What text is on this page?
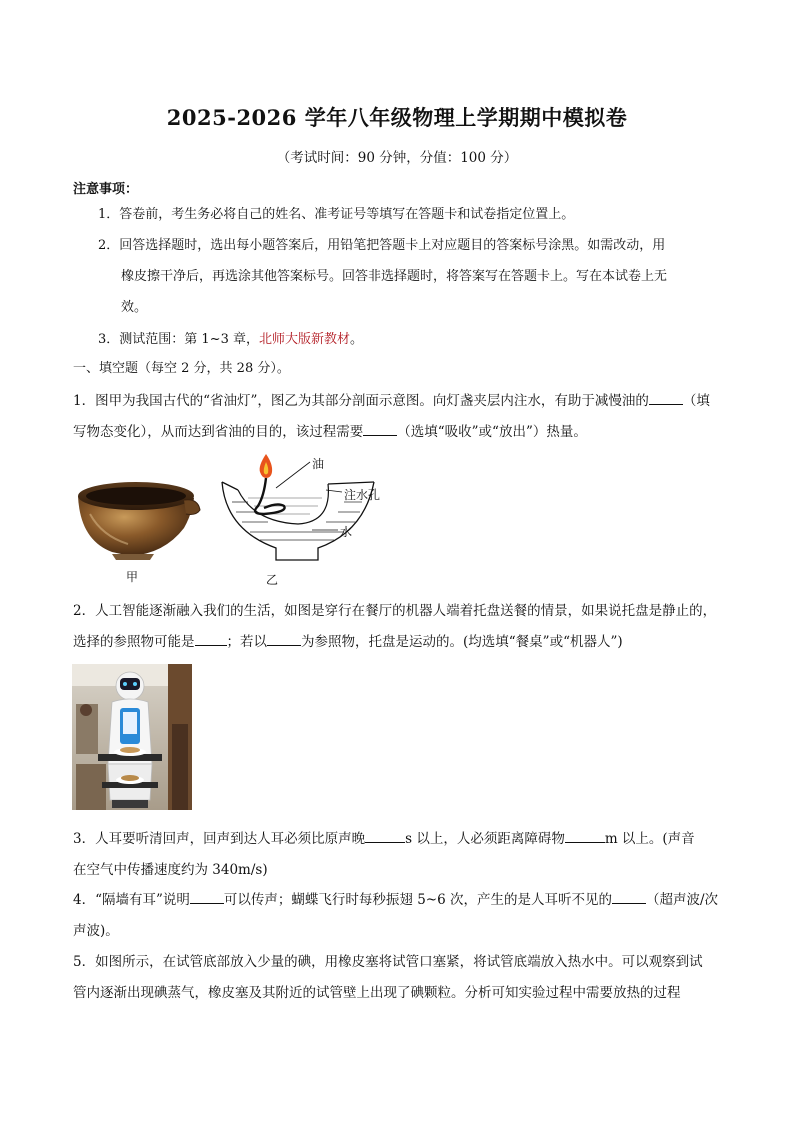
2025-2026 学年八年级物理上学期期中模拟卷
（考试时间：90 分钟，分值：100 分）
注意事项：
1．答卷前，考生务必将自己的姓名、准考证号等填写在答题卡和试卷指定位置上。
2．回答选择题时，选出每小题答案后，用铅笔把答题卡上对应题目的答案标号涂黑。如需改动，用
橡皮擦干净后，再选涂其他答案标号。回答非选择题时，将答案写在答题卡上。写在本试卷上无
效。
3．测试范围：第 1~3 章，北师大版新教材。
一、填空题（每空 2 分，共 28 分）。
1．图甲为我国古代的“省油灯”，图乙为其部分剖面示意图。向灯盏夹层内注水，有助于减慢油的	（填
写物态变化），从而达到省油的目的，该过程需要	（选填“吸收”或“放出”）热量。
甲
油
注水孔
水
乙
2．人工智能逐渐融入我们的生活，如图是穿行在餐厅的机器人端着托盘送餐的情景，如果说托盘是静止的，
选择的参照物可能是 ；若以	为参照物，托盘是运动的。(均选填“餐桌”或“机器人”)
3．人耳要听清回声，回声到达人耳必须比原声晚	s 以上，人必须距离障碍物	m 以上。(声音
在空气中传播速度约为 340m/s)
4．“隔墙有耳”说明	可以传声；蝴蝶飞行时每秒振翅 5~6 次，产生的是人耳听不见的	（超声波/次
声波)。
5．如图所示，在试管底部放入少量的碘，用橡皮塞将试管口塞紧，将试管底端放入热水中。可以观察到试
管内逐渐出现碘蒸气，橡皮塞及其附近的试管壁上出现了碘颗粒。分析可知实验过程中需要放热的过程
